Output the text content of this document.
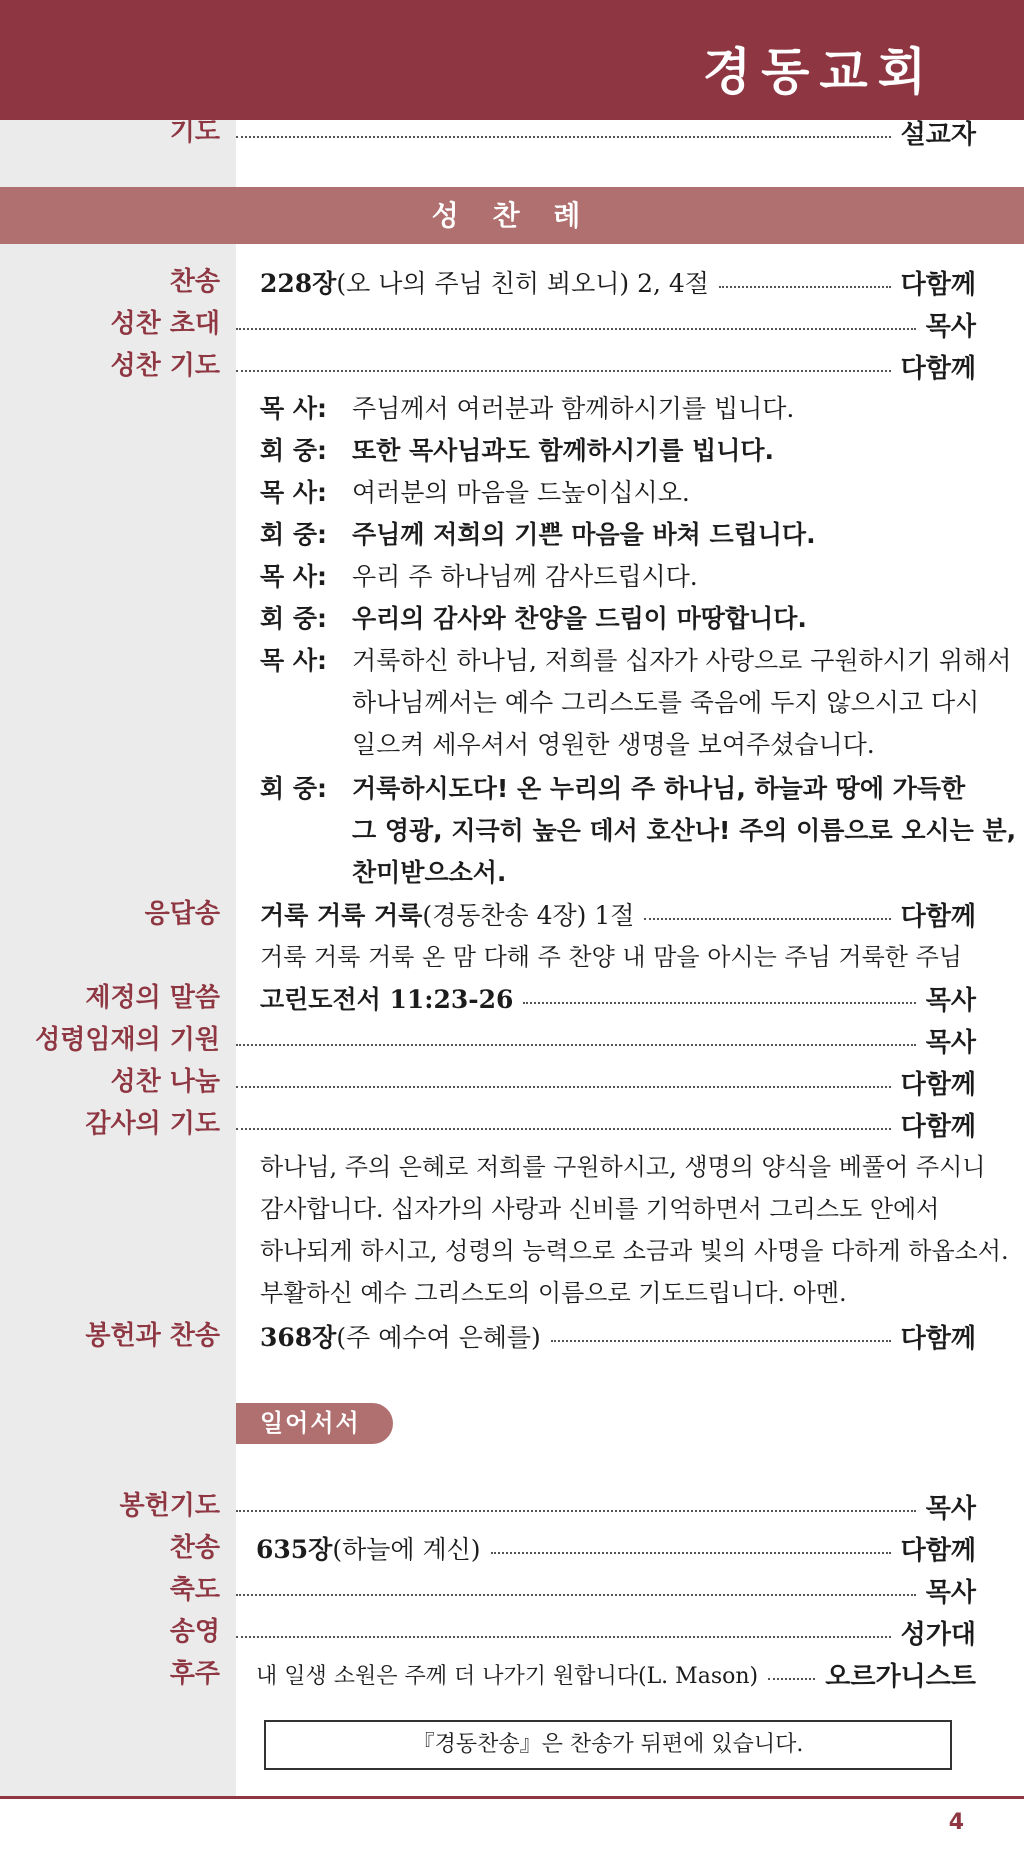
경동교회
기도	설교자
성 찬 례
찬송	228장(오 나의 주님 친히 뵈오니) 2, 4절	다함께
성찬 초대	목사
성찬 기도	다함께
목 사: 주님께서 여러분과 함께하시기를 빕니다.
회 중: 또한 목사님과도 함께하시기를 빕니다.
목 사: 여러분의 마음을 드높이십시오.
회 중: 주님께 저희의 기쁜 마음을 바쳐 드립니다.
목 사: 우리 주 하나님께 감사드립시다.
회 중: 우리의 감사와 찬양을 드림이 마땅합니다.
목 사: 거룩하신 하나님, 저희를 십자가 사랑으로 구원하시기 위해서
하나님께서는 예수 그리스도를 죽음에 두지 않으시고 다시
일으켜 세우셔서 영원한 생명을 보여주셨습니다.
회 중: 거룩하시도다! 온 누리의 주 하나님, 하늘과 땅에 가득한
그 영광, 지극히 높은 데서 호산나! 주의 이름으로 오시는 분,
찬미받으소서.
응답송	거룩 거룩 거룩(경동찬송 4장) 1절	다함께
거룩 거룩 거룩 온 맘 다해 주 찬양 내 맘을 아시는 주님 거룩한 주님
제정의 말씀	고린도전서 11:23-26	목사
성령임재의 기원	목사
성찬 나눔	다함께
감사의 기도	다함께
하나님, 주의 은혜로 저희를 구원하시고, 생명의 양식을 베풀어 주시니
감사합니다. 십자가의 사랑과 신비를 기억하면서 그리스도 안에서
하나되게 하시고, 성령의 능력으로 소금과 빛의 사명을 다하게 하옵소서.
부활하신 예수 그리스도의 이름으로 기도드립니다. 아멘.
봉헌과 찬송	368장(주 예수여 은혜를)	다함께
일어서서
봉헌기도	목사
찬송	635장(하늘에 계신)	다함께
축도	목사
송영	성가대
후주	내 일생 소원은 주께 더 나가기 원합니다(L. Mason)	오르가니스트
『경동찬송』은 찬송가 뒤편에 있습니다.
4
